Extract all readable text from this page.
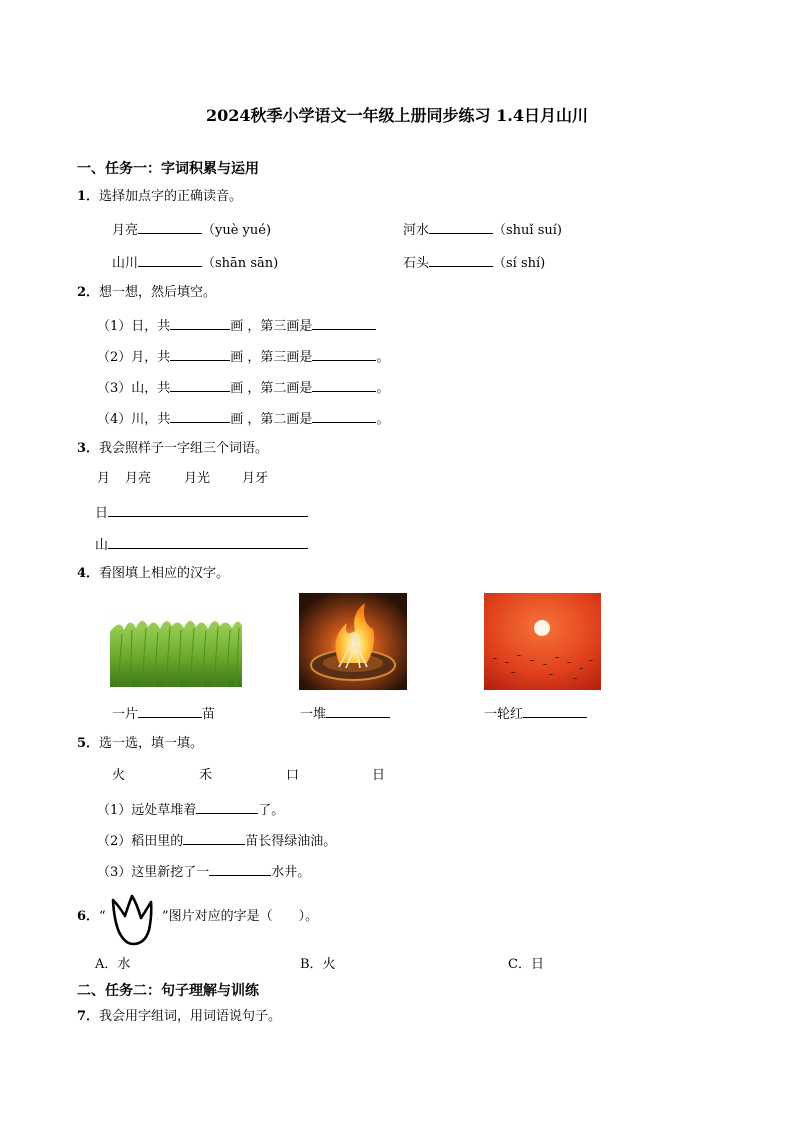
2024秋季小学语文一年级上册同步练习 1.4日月山川
一、任务一：字词积累与运用
1．选择加点字的正确读音。
月亮	（yuè yué)	河水	（shuǐ suí)
山川	（shān sān)	石头	（sí shí)
2．想一想，然后填空。
（1）日，共	画 ，第三画是
（2）月，共	画 ，第三画是	。
（3）山，共	画 ，第二画是	。
（4）川，共	画 ，第二画是	。
3．我会照样子一字组三个词语。
月 月亮	月光 月牙
日
山
4．看图填上相应的汉字。
一片	苗	一堆	一轮红
5．选一选，填一填。
火	禾	口	日
（1）远处草堆着	了。
（2）稻田里的	苗长得绿油油。
（3）这里新挖了一	水井。
6．“	”图片对应的字是（　　）。
A．水	B．火	C．日
二、任务二：句子理解与训练
7．我会用字组词，用词语说句子。
